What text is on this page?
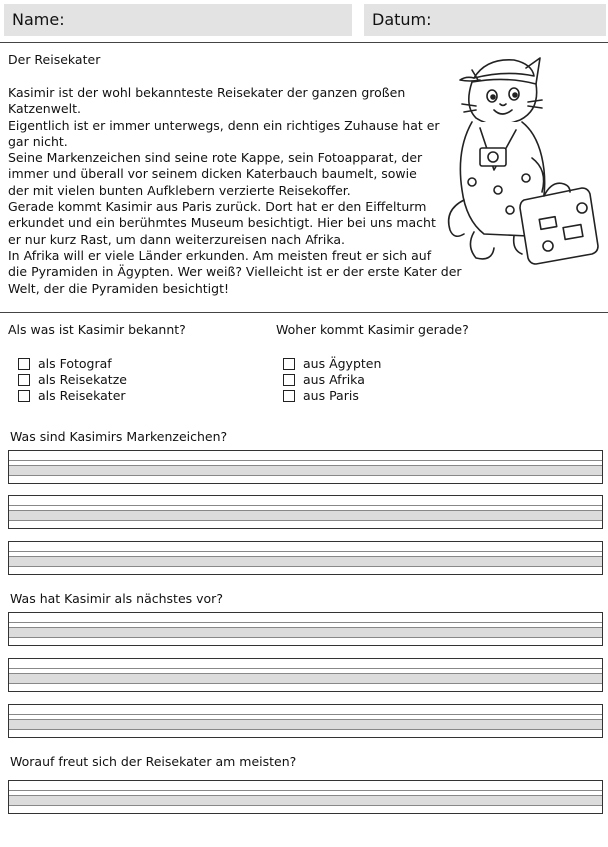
Name:	Datum:
Der Reisekater
Kasimir ist der wohl bekannteste Reisekater der ganzen großen
Katzenwelt.
Eigentlich ist er immer unterwegs, denn ein richtiges Zuhause hat er
gar nicht.
Seine Markenzeichen sind seine rote Kappe, sein Fotoapparat, der
immer und überall vor seinem dicken Katerbauch baumelt, sowie
der mit vielen bunten Aufklebern verzierte Reisekoffer.
Gerade kommt Kasimir aus Paris zurück. Dort hat er den Eiffelturm
erkundet und ein berühmtes Museum besichtigt. Hier bei uns macht
er nur kurz Rast, um dann weiterzureisen nach Afrika.
In Afrika will er viele Länder erkunden. Am meisten freut er sich auf
die Pyramiden in Ägypten. Wer weiß? Vielleicht ist er der erste Kater der
Welt, der die Pyramiden besichtigt!
Als was ist Kasimir bekannt?
als Fotograf
als Reisekatze
als Reisekater
Woher kommt Kasimir gerade?
aus Ägypten
aus Afrika
aus Paris
Was sind Kasimirs Markenzeichen?
Was hat Kasimir als nächstes vor?
Worauf freut sich der Reisekater am meisten?
